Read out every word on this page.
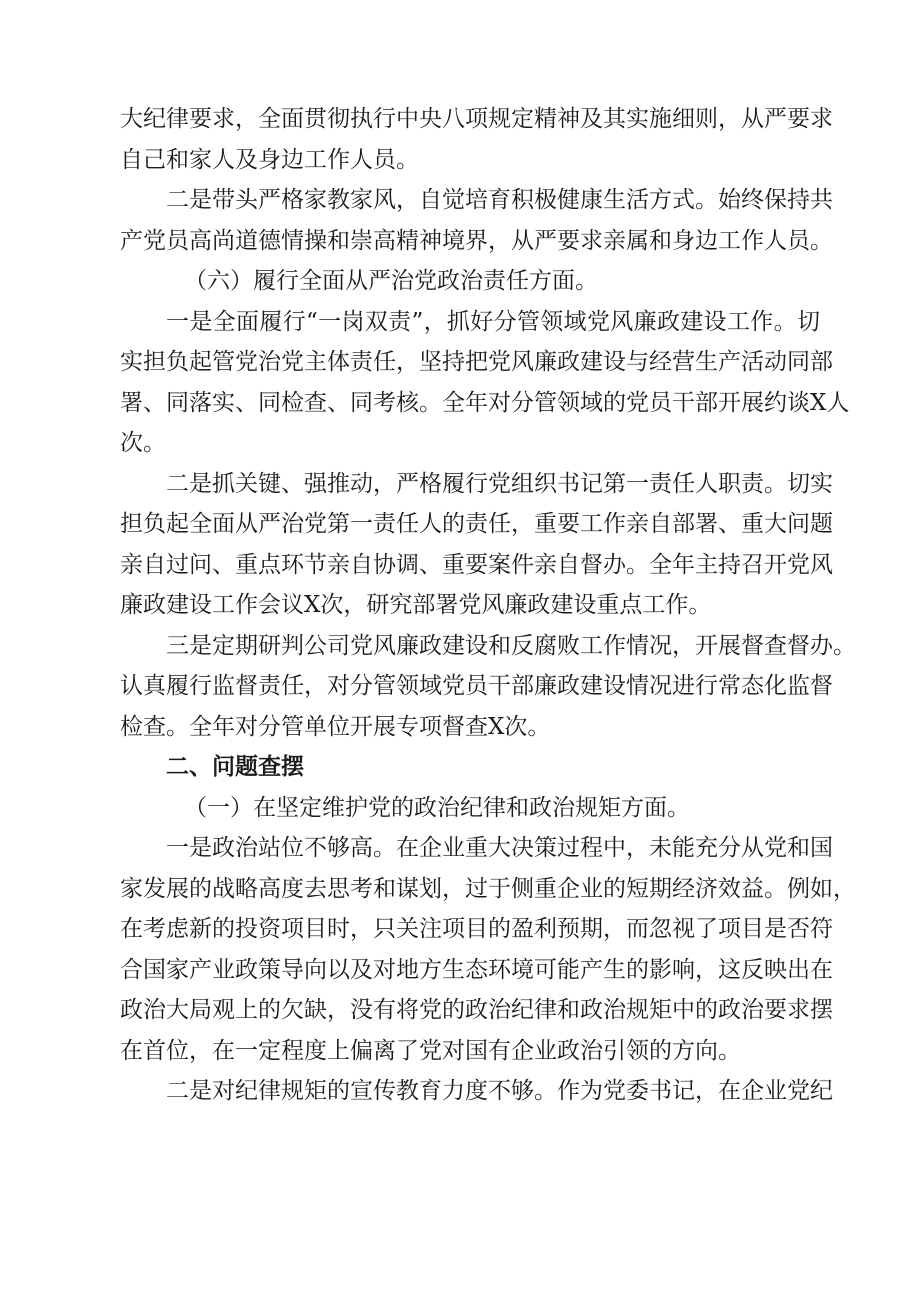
大纪律要求，全面贯彻执行中央八项规定精神及其实施细则，从严要求
自己和家人及身边工作人员。
二是带头严格家教家风，自觉培育积极健康生活方式。始终保持共
产党员高尚道德情操和崇高精神境界，从严要求亲属和身边工作人员。
（六）履行全面从严治党政治责任方面。
一是全面履行“一岗双责”，抓好分管领域党风廉政建设工作。切
实担负起管党治党主体责任，坚持把党风廉政建设与经营生产活动同部
署、同落实、同检查、同考核。全年对分管领域的党员干部开展约谈X人
次。
二是抓关键、强推动，严格履行党组织书记第一责任人职责。切实
担负起全面从严治党第一责任人的责任，重要工作亲自部署、重大问题
亲自过问、重点环节亲自协调、重要案件亲自督办。全年主持召开党风
廉政建设工作会议X次，研究部署党风廉政建设重点工作。
三是定期研判公司党风廉政建设和反腐败工作情况，开展督查督办。
认真履行监督责任，对分管领域党员干部廉政建设情况进行常态化监督
检查。全年对分管单位开展专项督查X次。
二、问题查摆
（一）在坚定维护党的政治纪律和政治规矩方面。
一是政治站位不够高。在企业重大决策过程中，未能充分从党和国
家发展的战略高度去思考和谋划，过于侧重企业的短期经济效益。例如，
在考虑新的投资项目时，只关注项目的盈利预期，而忽视了项目是否符
合国家产业政策导向以及对地方生态环境可能产生的影响，这反映出在
政治大局观上的欠缺，没有将党的政治纪律和政治规矩中的政治要求摆
在首位，在一定程度上偏离了党对国有企业政治引领的方向。
二是对纪律规矩的宣传教育力度不够。作为党委书记，在企业党纪
